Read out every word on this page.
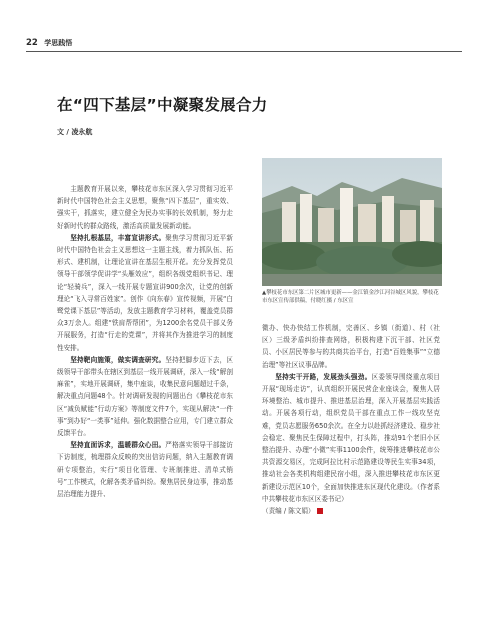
22 学思践悟
在“四下基层”中凝聚发展合力
文 / 凌永航

主题教育开展以来，攀枝花市东区深入学习贯彻习近平新时代中国特色社会主义思想，聚焦“四下基层”，重实效、强实干，抓落实，建立健全为民办实事的长效机制，努力走好新时代的群众路线，激活高质量发展新动能。

坚持扎根基层，丰富宣讲形式。聚焦学习贯彻习近平新时代中国特色社会主义思想这一主题主线，着力抓队伍、拓形式、建机制，让理论宣讲在基层生根开花。充分发挥党员领导干部领学促讲学“头雁效应”，组织各级党组织书记、理论“轻骑兵”，深入一线开展专题宣讲900余次，让党的创新理论“飞入寻常百姓家”。创作《向东春》宣传视频，开展“白鹭党课下基层”等活动，发放主题教育学习材料，覆盖党员群众3万余人。组建“铁肩帮帮团”，为1200余名党员干部义务开展服务，打造“行走的党课”，并将其作为推进学习的制度性安排。

坚持靶向施策，做实调查研究。坚持把脚步迈下去，区级领导干部带头在辖区到基层一线开展调研，深入一线“解剖麻雀”，实地开展调研，集中座谈，收集民意问题超过千条，解决重点问题48个。针对调研发现的问题出台《攀枝花市东区“减负赋能”行动方案》等制度文件7个，实现从解决“一件事”到办好“一类事”延伸。强化数据整合应用，专门建立群众反馈平台。

坚持直面诉求，温暖群众心田。严格落实领导干部接访下访制度，梳理群众反映的突出信访问题，纳入主题教育调研专项整治，实行“项目化管理、专班制推进、清单式销号”工作模式，化解各类矛盾纠纷。聚焦居民身边事，推动基层治理能力提升、

▲攀枝花市东区第二片区城市更新——金江镇金沙江河谷城区风貌，攀枝花市东区宣传部供稿，付晓红摄 / 东区宣

微办、快办快结工作机制，完善区、乡镇（街道）、村（社区）三级矛盾纠纷排查网络，积极构建下沉干部、社区党员、小区居民等参与的共商共治平台，打造“百姓集事”“立德治理”等社区议事品牌。

坚持实干开路，发展劲头强劲。区委领导围绕重点项目开展“现场走访”，认真组织开展民营企业座谈会，聚焦人居环境整治、城市提升、推进基层治理，深入开展基层实践活动。开展各项行动，组织党员干部在重点工作一线攻坚克难，党员志愿服务650余次。在全力以赴抓经济建设、稳步社会稳定、聚焦民生保障过程中，打头阵，推动91个老旧小区整治提升、办理“小微”实事1100余件，统筹推进攀枝花市公共资源交易区，完成阿拉比村示范路建设等民生实事34项，推动社会各类机构组建民宿小组，深入推进攀枝花市东区更新建设示范区10个，全面加快推进东区现代化建设。（作者系中共攀枝花市东区区委书记）

（责编 / 陈文娟）
